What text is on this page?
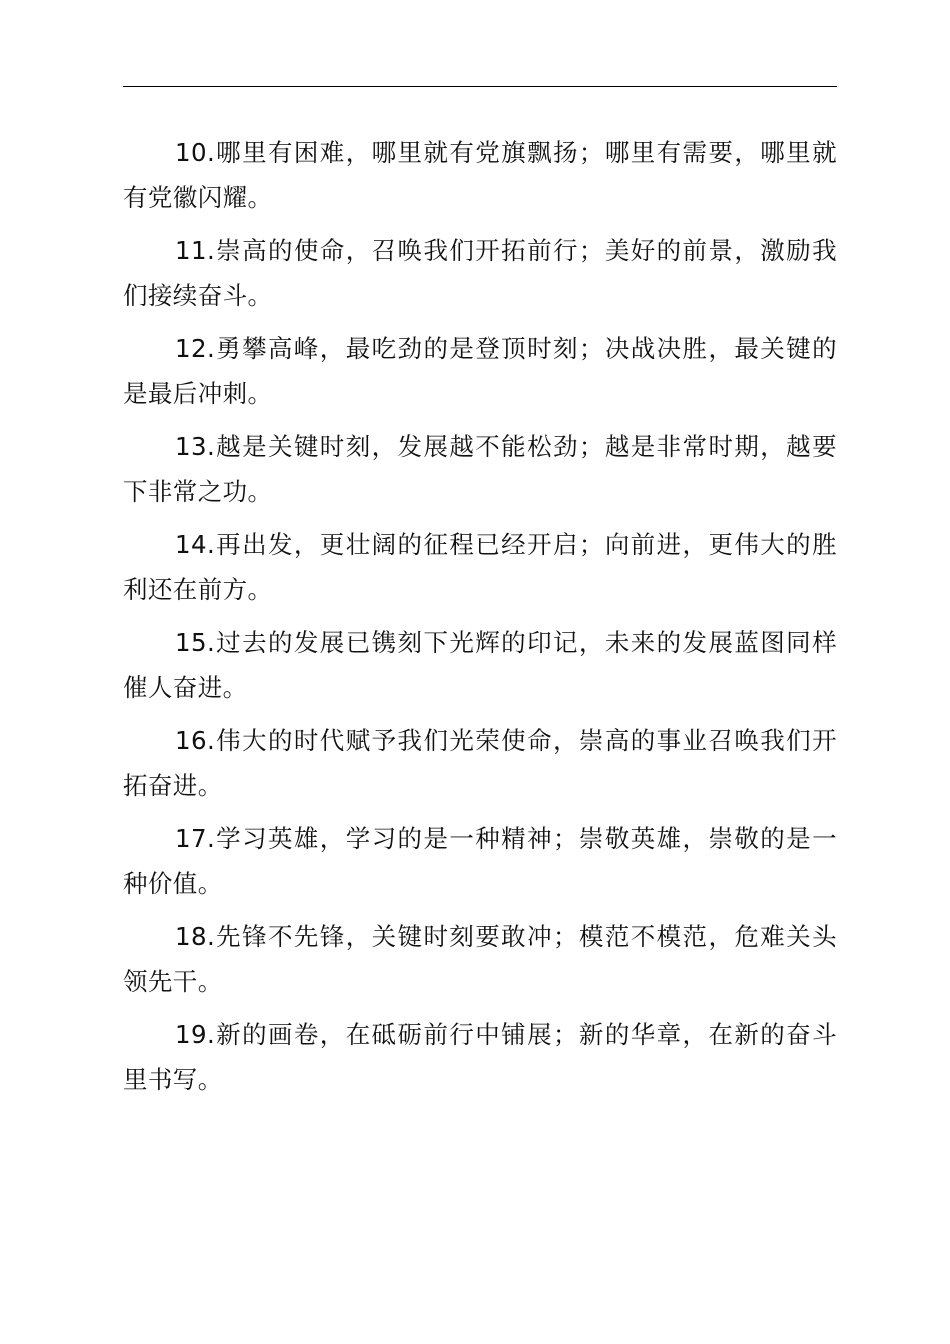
10.哪里有困难，哪里就有党旗飘扬；哪里有需要，哪里就有党徽闪耀。

11.崇高的使命，召唤我们开拓前行；美好的前景，激励我们接续奋斗。

12.勇攀高峰，最吃劲的是登顶时刻；决战决胜，最关键的是最后冲刺。

13.越是关键时刻，发展越不能松劲；越是非常时期，越要下非常之功。

14.再出发，更壮阔的征程已经开启；向前进，更伟大的胜利还在前方。

15.过去的发展已镌刻下光辉的印记，未来的发展蓝图同样催人奋进。

16.伟大的时代赋予我们光荣使命，崇高的事业召唤我们开拓奋进。

17.学习英雄，学习的是一种精神；崇敬英雄，崇敬的是一种价值。

18.先锋不先锋，关键时刻要敢冲；模范不模范，危难关头领先干。

19.新的画卷，在砥砺前行中铺展；新的华章，在新的奋斗里书写。
